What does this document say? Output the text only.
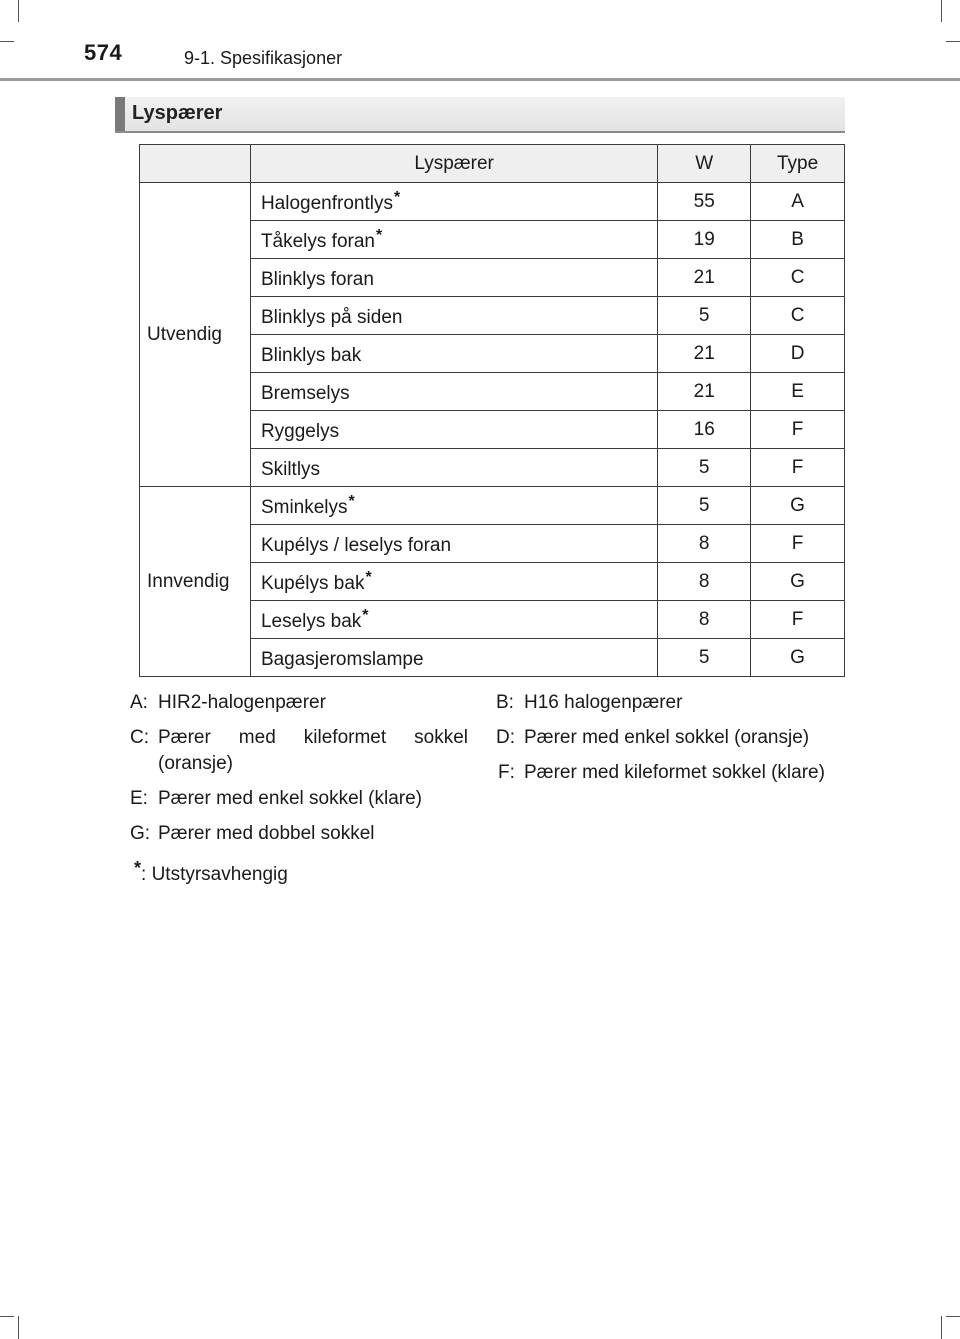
574	9-1. Spesifikasjoner
Lyspærer
	Lyspærer	W	Type
Utvendig	Halogenfrontlys*	55	A
	Tåkelys foran*	19	B
	Blinklys foran	21	C
	Blinklys på siden	5	C
	Blinklys bak	21	D
	Bremselys	21	E
	Ryggelys	16	F
	Skiltlys	5	F
Innvendig	Sminkelys*	5	G
	Kupélys / leselys foran	8	F
	Kupélys bak*	8	G
	Leselys bak*	8	F
	Bagasjeromslampe	5	G
A: HIR2-halogenpærer
C: Pærer med kileformet sokkel (oransje)
E: Pærer med enkel sokkel (klare)
G: Pærer med dobbel sokkel
*: Utstyrsavhengig
B: H16 halogenpærer
D: Pærer med enkel sokkel (oransje)
F: Pærer med kileformet sokkel (klare)
